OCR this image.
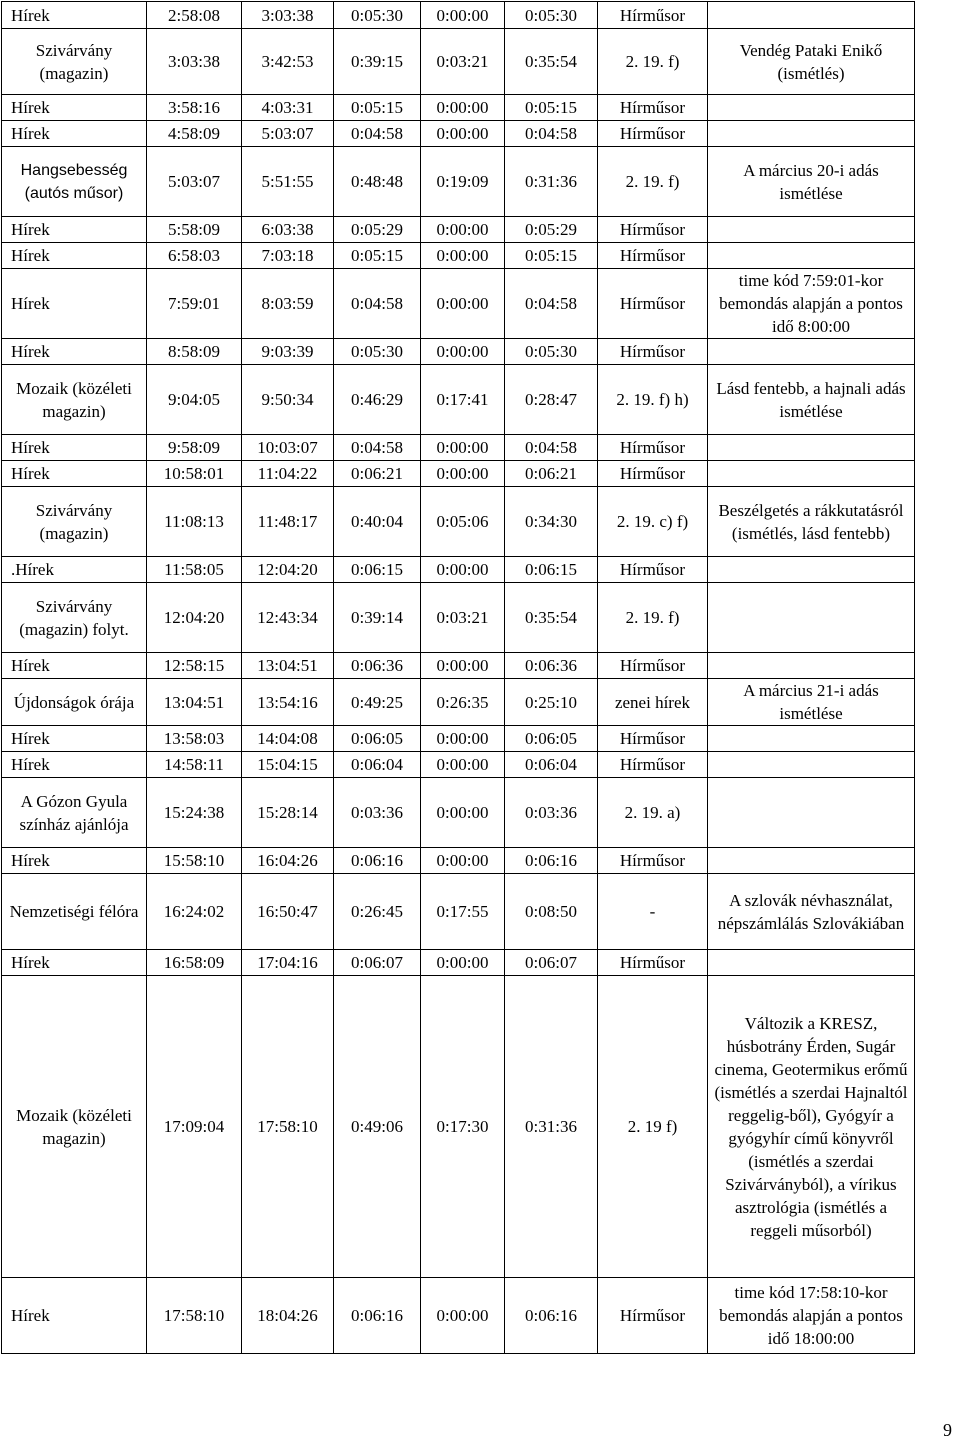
Hírek	2:58:08	3:03:38	0:05:30	0:00:00	0:05:30	Hírműsor	
Szivárvány (magazin)	3:03:38	3:42:53	0:39:15	0:03:21	0:35:54	2. 19. f)	Vendég Pataki Enikő (ismétlés)
Hírek	3:58:16	4:03:31	0:05:15	0:00:00	0:05:15	Hírműsor	
Hírek	4:58:09	5:03:07	0:04:58	0:00:00	0:04:58	Hírműsor	
Hangsebesség (autós műsor)	5:03:07	5:51:55	0:48:48	0:19:09	0:31:36	2. 19. f)	A március 20-i adás ismétlése
Hírek	5:58:09	6:03:38	0:05:29	0:00:00	0:05:29	Hírműsor	
Hírek	6:58:03	7:03:18	0:05:15	0:00:00	0:05:15	Hírműsor	
Hírek	7:59:01	8:03:59	0:04:58	0:00:00	0:04:58	Hírműsor	time kód 7:59:01-kor bemondás alapján a pontos idő 8:00:00
Hírek	8:58:09	9:03:39	0:05:30	0:00:00	0:05:30	Hírműsor	
Mozaik (közéleti magazin)	9:04:05	9:50:34	0:46:29	0:17:41	0:28:47	2. 19. f) h)	Lásd fentebb, a hajnali adás ismétlése
Hírek	9:58:09	10:03:07	0:04:58	0:00:00	0:04:58	Hírműsor	
Hírek	10:58:01	11:04:22	0:06:21	0:00:00	0:06:21	Hírműsor	
Szivárvány (magazin)	11:08:13	11:48:17	0:40:04	0:05:06	0:34:30	2. 19. c) f)	Beszélgetés a rákkutatásról (ismétlés, lásd fentebb)
.Hírek	11:58:05	12:04:20	0:06:15	0:00:00	0:06:15	Hírműsor	
Szivárvány (magazin) folyt.	12:04:20	12:43:34	0:39:14	0:03:21	0:35:54	2. 19. f)	
Hírek	12:58:15	13:04:51	0:06:36	0:00:00	0:06:36	Hírműsor	
Újdonságok órája	13:04:51	13:54:16	0:49:25	0:26:35	0:25:10	zenei hírek	A március 21-i adás ismétlése
Hírek	13:58:03	14:04:08	0:06:05	0:00:00	0:06:05	Hírműsor	
Hírek	14:58:11	15:04:15	0:06:04	0:00:00	0:06:04	Hírműsor	
A Gózon Gyula színház ajánlója	15:24:38	15:28:14	0:03:36	0:00:00	0:03:36	2. 19. a)	
Hírek	15:58:10	16:04:26	0:06:16	0:00:00	0:06:16	Hírműsor	
Nemzetiségi félóra	16:24:02	16:50:47	0:26:45	0:17:55	0:08:50	-	A szlovák névhasználat, népszámlálás Szlovákiában
Hírek	16:58:09	17:04:16	0:06:07	0:00:00	0:06:07	Hírműsor	
Mozaik (közéleti magazin)	17:09:04	17:58:10	0:49:06	0:17:30	0:31:36	2. 19 f)	Változik a KRESZ, húsbotrány Érden, Sugár cinema, Geotermikus erőmű (ismétlés a szerdai Hajnaltól reggelig-ből), Gyógyír a gyógyhír című könyvről (ismétlés a szerdai Szivárványból), a vírikus asztrológia (ismétlés a reggeli műsorból)
Hírek	17:58:10	18:04:26	0:06:16	0:00:00	0:06:16	Hírműsor	time kód 17:58:10-kor bemondás alapján a pontos idő 18:00:00
9
